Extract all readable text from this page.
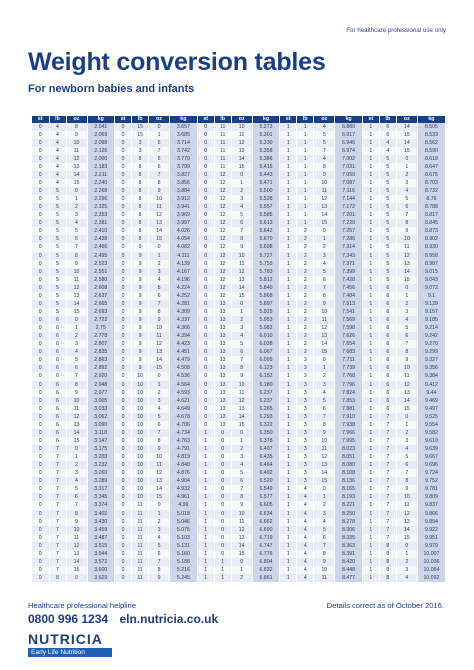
For healthcare professional use only
Weight conversion tables
For newborn babies and infants
st	lb	oz	kg	st	lb	oz	kg	st	lb	oz	kg	st	lb	oz	kg	st	lb	oz	kg
0	4	8	2.041	0	15	0	3.657	0	11	10	5.273	1	1	4	6.889	1	6	14	8.505
0	4	9	2.069	0	15	1	3.685	0	11	11	5.301	1	1	5	6.917	1	6	15	8.533
0	4	10	2.098	0	3	6	3.714	0	11	12	5.330	1	1	5	6.946	1	4	14	8.562
0	4	11	2.126	0	3	7	3.742	0	11	13	5.358	1	1	7	6.974	1	4	15	8.590
0	4	12	2.000	0	8	5	3.770	0	11	14	5.386	1	1	4	7.002	1	5	0	8.618
0	4	13	2.183	0	8	6	3.799	0	11	15	5.415	1	1	8	7.031	1	5	1	8.647
0	4	14	2.211	0	8	7	3.827	0	12	0	5.443	1	1	9	7.059	1	5	2	8.675
0	4	15	2.240	0	8	8	3.856	0	12	1	5.471	1	1	10	7.087	1	5	3	8.703
0	5	0	2.268	0	8	9	3.884	0	12	2	5.500	1	1	11	7.116	1	5	4	8.732
0	5	1	2.296	0	8	10	3.912	0	12	3	5.528	1	1	12	7.144	1	5	5	8.76
0	5	2	2.325	0	8	11	3.941	0	12	4	5.557	1	1	13	7.172	1	5	6	8.788
0	5	3	2.353	0	8	12	3.969	0	12	5	5.585	1	1	14	7.201	1	5	7	8.817
0	5	4	2.381	0	8	13	3.997	0	12	6	5.613	1	1	15	7.229	1	5	8	8.845
0	5	5	2.410	0	8	14	4.026	0	12	7	5.642	1	2	0	7.257	1	5	9	8.873
0	5	6	2.438	0	8	15	4.054	0	12	8	5.670	1	2	1	7.286	1	5	10	8.902
0	5	7	2.466	0	9	0	4.082	0	12	9	5.698	1	2	2	7.314	1	5	11	8.930
0	5	8	2.495	0	9	1	4.111	0	12	10	5.727	1	2	3	7.343	1	5	12	8.958
0	5	9	2.523	0	9	2	4.139	0	12	11	5.755	1	2	4	7.371	1	5	13	8.987
0	5	10	2.551	0	9	3	4.167	0	12	12	5.783	1	2	5	7.399	1	5	14	9.015
0	5	11	2.580	0	9	4	4.196	0	12	13	5.812	1	2	6	7.428	1	5	15	9.043
0	5	12	2.608	0	9	5	4.224	0	12	14	5.840	1	2	7	7.456	1	6	0	9.072
0	5	13	2.637	0	9	6	4.252	0	12	15	5.868	1	2	8	7.484	1	6	1	9.1
0	5	14	2.665	0	9	7	4.281	0	13	0	5.897	1	2	9	7.513	1	6	2	9.129
0	5	15	2.693	0	9	8	4.309	0	13	1	5.925	1	2	10	7.541	1	6	3	9.157
0	6	0	2.722	0	9	9	4.337	0	13	2	5.953	1	2	11	7.569	1	6	4	9.185
0	6	1	2.75	0	9	10	4.366	0	13	3	5.982	1	2	12	7.598	1	6	5	9.214
0	6	2	2.778	0	9	11	4.394	0	13	4	6.010	1	2	13	7.626	1	6	6	9.242
0	6	3	2.807	0	9	12	4.423	0	13	5	6.038	1	2	14	7.654	1	6	7	9.270
0	6	4	2.835	0	9	13	4.451	0	13	6	6.067	1	2	15	7.683	1	6	8	9.299
0	6	5	2.863	0	9	14	4.479	0	13	7	6.095	1	3	0	7.711	1	6	9	9.327
0	6	6	2.892	0	9	15	4.508	0	13	8	6.123	1	3	1	7.739	1	6	10	9.356
0	6	7	2.920	0	10	0	4.536	0	13	9	6.152	1	3	2	7.768	1	6	11	9.384
0	6	8	2.948	0	10	1	4.564	0	13	10	6.180	1	3	3	7.796	1	6	12	9.412
0	6	9	2.977	0	10	2	4.593	0	13	11	6.237	1	3	4	7.824	1	6	13	9.44
0	6	10	3.005	0	10	3	4.621	0	13	12	6.237	1	3	5	7.853	1	6	14	9.469
0	6	11	3.033	0	10	4	4.649	0	13	13	6.265	1	3	6	7.881	1	6	15	9.497
0	6	12	3.062	0	10	5	4.678	0	13	14	6.293	1	3	7	7.910	1	7	0	9.525
0	6	13	3.090	0	10	6	4.706	0	13	15	6.322	1	3	8	7.938	1	7	1	9.554
0	6	14	3.118	0	10	7	4.734	1	0	0	6.350	1	3	9	7.966	1	7	2	9.582
0	6	15	3.147	0	10	8	4.763	1	0	1	6.378	1	3	10	7.995	1	7	3	9.610
0	7	0	3.175	0	10	9	4.791	1	0	2	6.407	1	3	11	8.023	1	7	4	9.639
0	7	1	3.203	0	10	10	4.819	1	0	3	6.435	1	3	12	8.051	1	7	5	9.667
0	7	2	3.232	0	10	11	4.848	1	0	4	6.464	1	3	13	8.080	1	7	6	9.696
0	7	3	3.260	0	10	12	4.876	1	0	5	6.492	1	3	14	8.108	1	7	7	9.724
0	7	4	3.289	0	10	13	4.904	1	0	6	6.520	1	3	15	8.136	1	7	8	9.752
0	7	5	3.317	0	10	14	4.932	1	0	7	6.549	1	4	0	8.165	1	7	9	9.781
0	7	6	3.345	0	10	15	4.961	1	0	8	6.577	1	4	1	8.193	1	7	10	9.809
0	7	7	3.374	0	11	0	4.99	1	0	9	6.605	1	4	2	8.221	1	7	11	9.837
0	7	8	3.402	0	11	1	5.018	1	0	10	6.634	1	4	3	8.250	1	7	12	9.866
0	7	9	3.430	0	11	2	5.046	1	0	11	6.662	1	4	4	8.278	1	7	13	9.894
0	7	10	3.459	0	11	3	5.075	1	0	12	6.690	1	4	5	8.306	1	7	14	9.922
0	7	11	3.487	0	11	4	5.103	1	0	13	6.719	1	4	6	8.335	1	7	15	9.951
0	7	12	3.515	0	11	5	5.131	1	0	14	6.747	1	4	7	8.363	1	8	0	9.979
0	7	13	3.544	0	11	6	5.160	1	0	15	6.776	1	4	8	8.391	1	8	1	10.007
0	7	14	3.572	0	11	7	5.188	1	1	0	6.804	1	4	9	8.420	1	8	2	10.036
0	7	15	3.600	0	11	8	5.216	1	1	1	6.832	1	4	10	8.448	1	8	3	10.064
0	8	0	3.629	0	11	9	5.245	1	1	2	6.861	1	4	11	8.477	1	8	4	10.092
Healthcare professional helpline
0800 996 1234 eln.nutricia.co.uk
Details correct as of October 2016.
NUTRICIA
Early Life Nutrition
